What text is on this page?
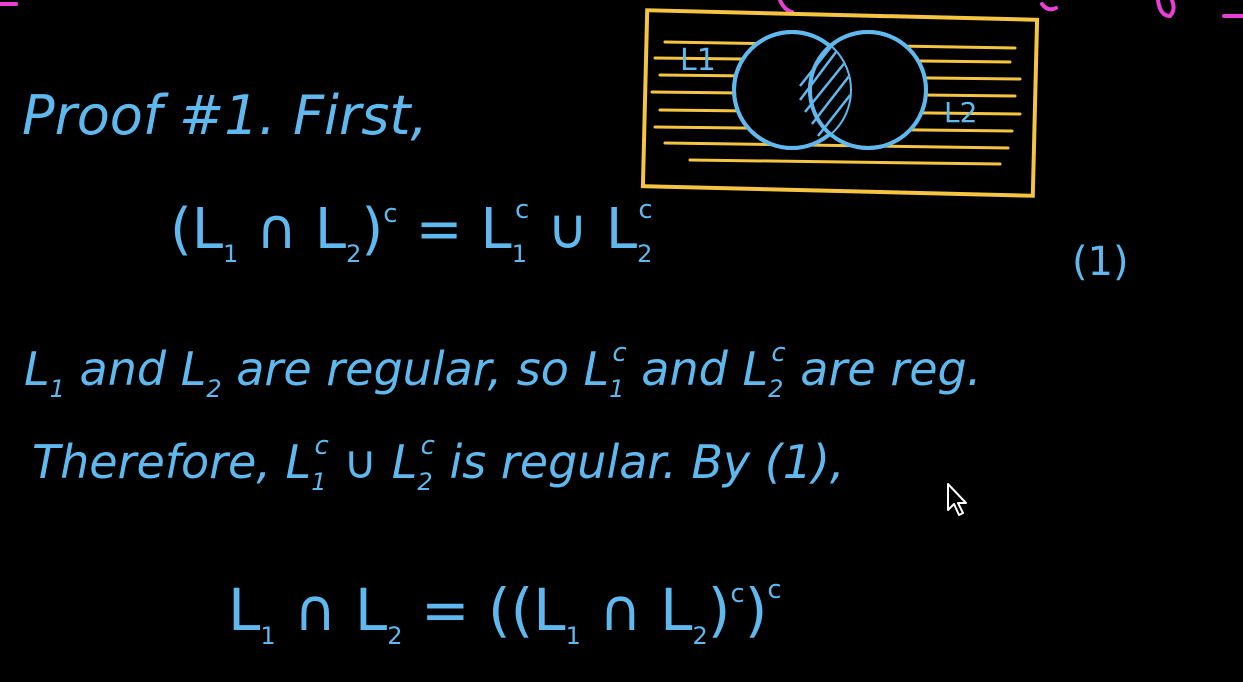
L1
L2
Proof #1. First,
($L_1$ ∩ $L_2)^c = L_1c$ ∪ $L_2c$
(1)
$L_1$ and $L_2$ are regular, so $L_1c$ and $L_2c$ are reg.
Therefore, $L_1c$ ∪ $L_2c$ is regular. By (1),
$L_1$ ∩ $L_2 = ((L_1$ ∩ $L_2)^c)^c$
